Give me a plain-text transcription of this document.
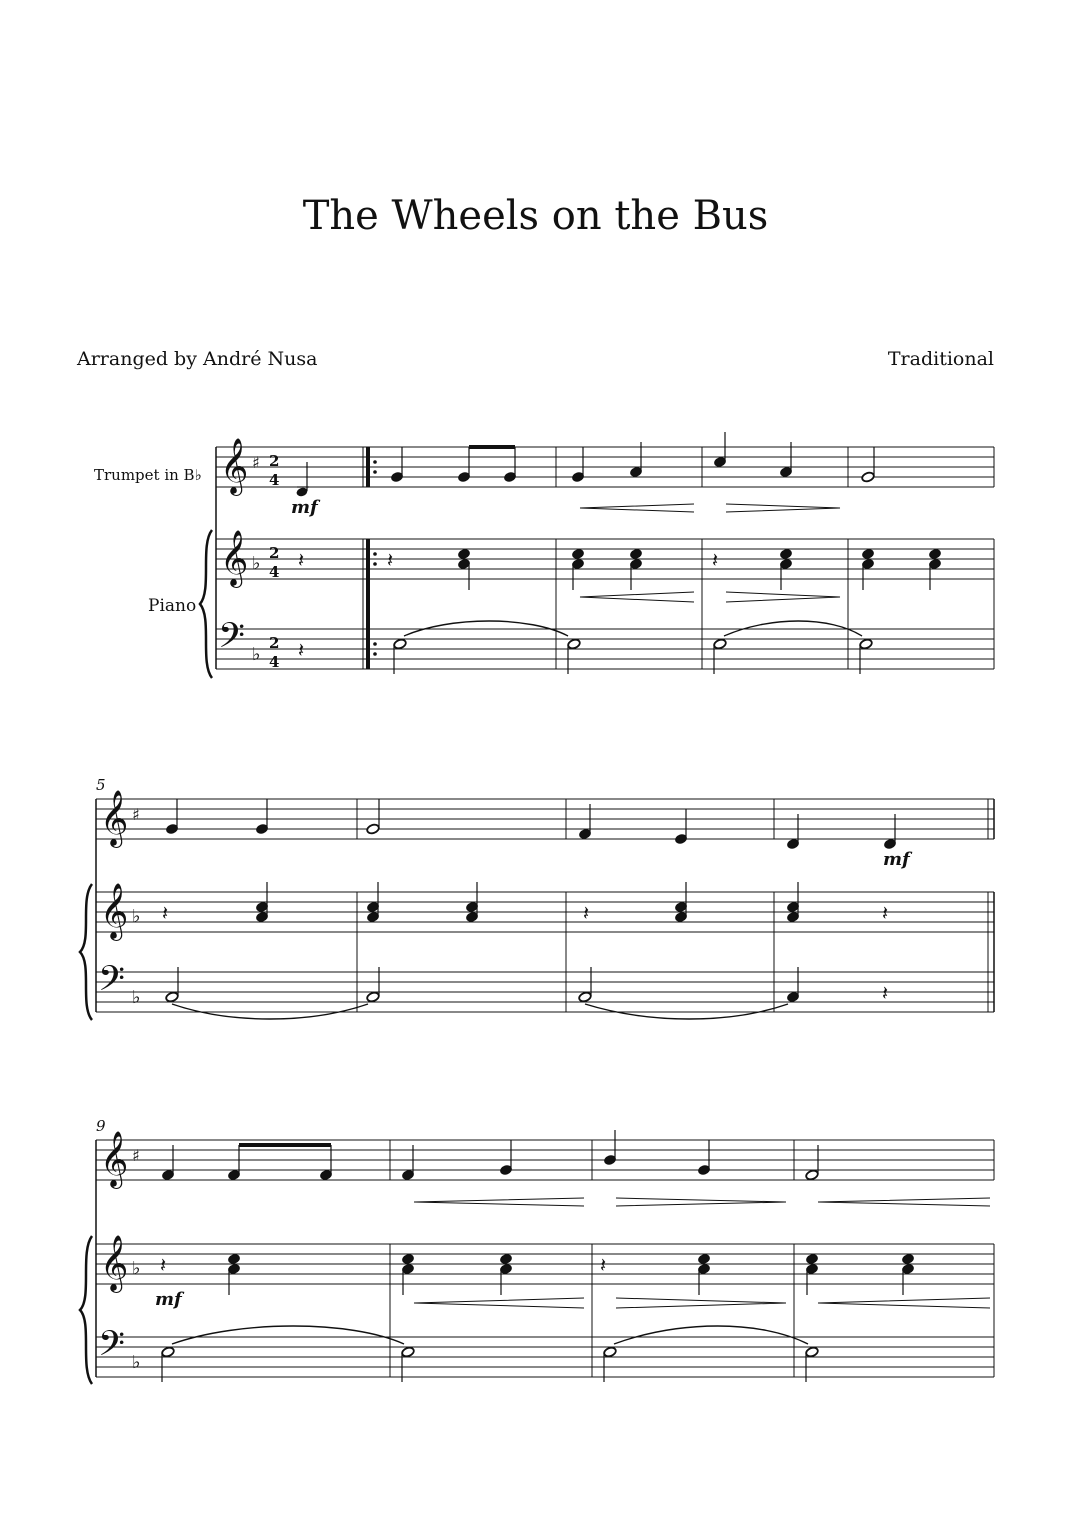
The Wheels on the Bus
Arranged by André Nusa	Traditional
Trumpet in B♭
Piano
𝄞
𝄞
𝄢
♯
♭
♭
2
4
2
4
2
4
mf
𝄽
𝄽
𝄽	𝄽
5
𝄞
𝄞
𝄢
♯
♭
♭
mf
𝄽	𝄽	𝄽
𝄽
9
𝄞
𝄞
𝄢
♯
♭
♭
𝄽	𝄽
mf
